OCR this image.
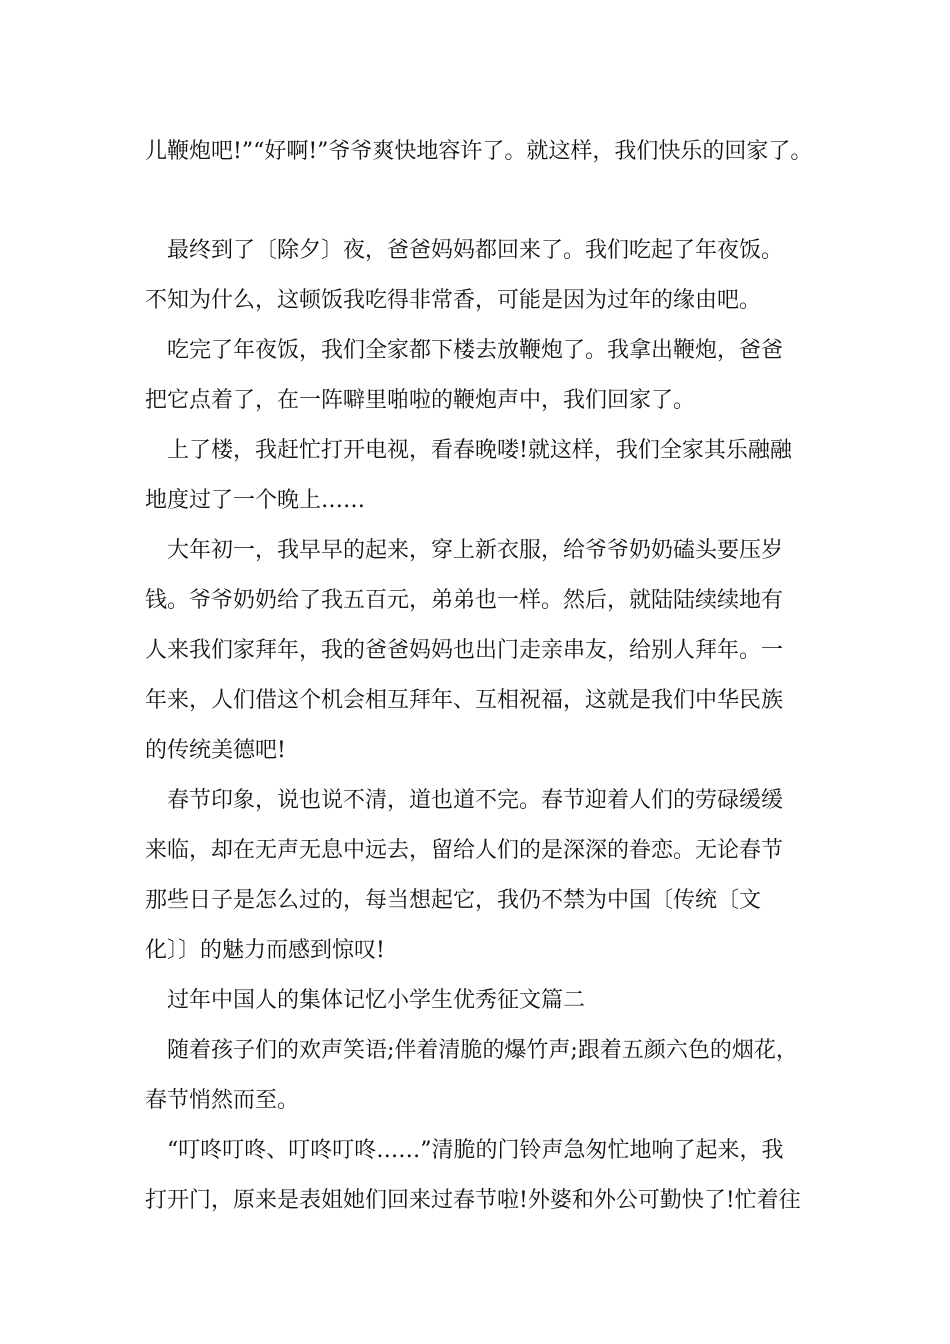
儿鞭炮吧!”“好啊!”爷爷爽快地容许了。就这样，我们快乐的回家了。
最终到了〔除夕〕夜，爸爸妈妈都回来了。我们吃起了年夜饭。
不知为什么，这顿饭我吃得非常香，可能是因为过年的缘由吧。
吃完了年夜饭，我们全家都下楼去放鞭炮了。我拿出鞭炮，爸爸
把它点着了，在一阵噼里啪啦的鞭炮声中，我们回家了。
上了楼，我赶忙打开电视，看春晚喽!就这样，我们全家其乐融融
地度过了一个晚上……
大年初一，我早早的起来，穿上新衣服，给爷爷奶奶磕头要压岁
钱。爷爷奶奶给了我五百元，弟弟也一样。然后，就陆陆续续地有
人来我们家拜年，我的爸爸妈妈也出门走亲串友，给别人拜年。一
年来，人们借这个机会相互拜年、互相祝福，这就是我们中华民族
的传统美德吧!
春节印象，说也说不清，道也道不完。春节迎着人们的劳碌缓缓
来临，却在无声无息中远去，留给人们的是深深的眷恋。无论春节
那些日子是怎么过的，每当想起它，我仍不禁为中国〔传统〔文
化〕〕的魅力而感到惊叹!
过年中国人的集体记忆小学生优秀征文篇二
随着孩子们的欢声笑语;伴着清脆的爆竹声;跟着五颜六色的烟花，
春节悄然而至。
“叮咚叮咚、叮咚叮咚……”清脆的门铃声急匆忙地响了起来，我
打开门，原来是表姐她们回来过春节啦!外婆和外公可勤快了!忙着往
